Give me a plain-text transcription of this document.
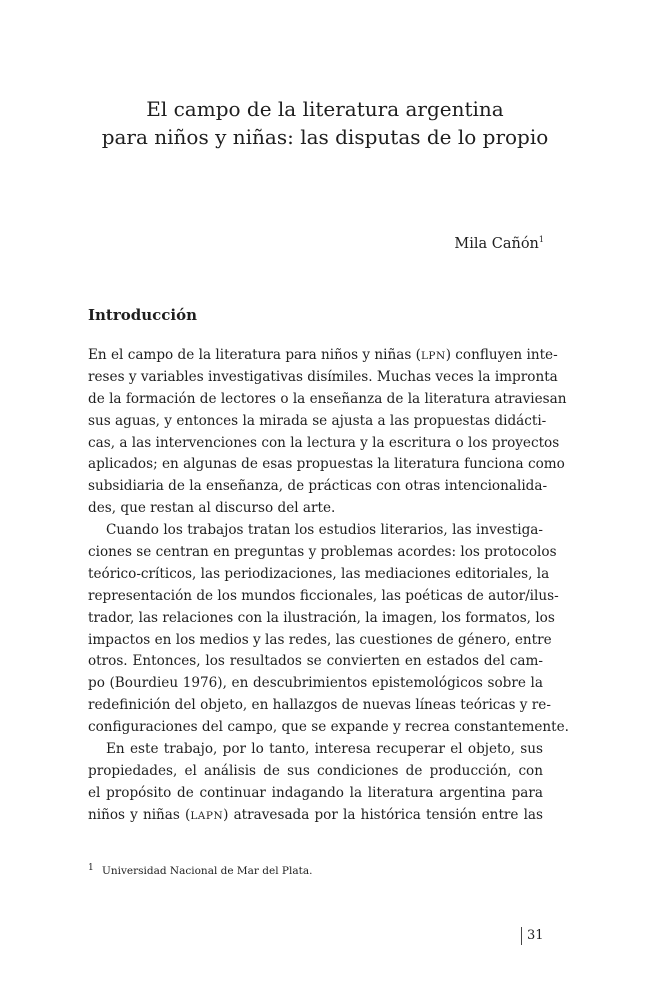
El campo de la literatura argentina
para niños y niñas: las disputas de lo propio
Mila Cañón$^1$
Introducción
En el campo de la literatura para niños y niñas (LPN) confluyen inte-
reses y variables investigativas disímiles. Muchas veces la impronta
de la formación de lectores o la enseñanza de la literatura atraviesan
sus aguas, y entonces la mirada se ajusta a las propuestas didácti-
cas, a las intervenciones con la lectura y la escritura o los proyectos
aplicados; en algunas de esas propuestas la literatura funciona como
subsidiaria de la enseñanza, de prácticas con otras intencionalida-
des, que restan al discurso del arte.
Cuando los trabajos tratan los estudios literarios, las investiga-
ciones se centran en preguntas y problemas acordes: los protocolos
teórico-críticos, las periodizaciones, las mediaciones editoriales, la
representación de los mundos ficcionales, las poéticas de autor/ilus-
trador, las relaciones con la ilustración, la imagen, los formatos, los
impactos en los medios y las redes, las cuestiones de género, entre
otros. Entonces, los resultados se convierten en estados del cam-
po (Bourdieu 1976), en descubrimientos epistemológicos sobre la
redefinición del objeto, en hallazgos de nuevas líneas teóricas y re-
configuraciones del campo, que se expande y recrea constantemente.
En este trabajo, por lo tanto, interesa recuperar el objeto, sus
propiedades, el análisis de sus condiciones de producción, con
el propósito de continuar indagando la literatura argentina para
niños y niñas (LAPN) atravesada por la histórica tensión entre las
1 Universidad Nacional de Mar del Plata.
31
